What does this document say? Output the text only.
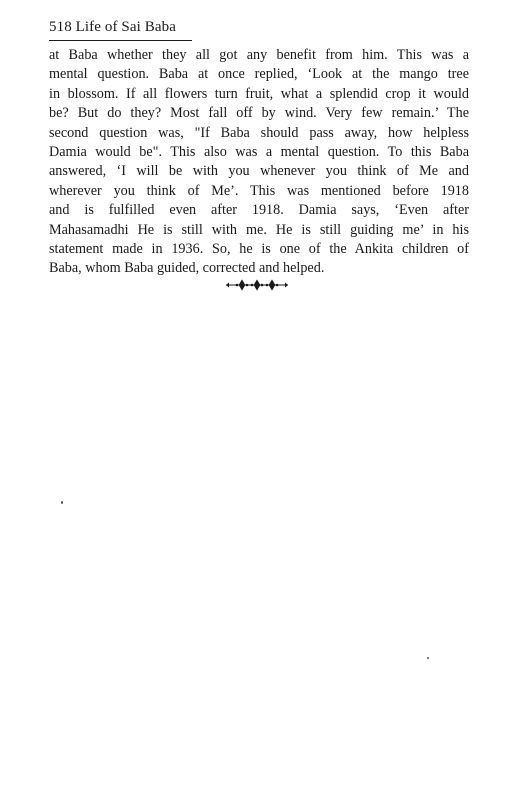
518 Life of Sai Baba
at Baba whether they all got any benefit from him. This was a
mental question. Baba at once replied, ‘Look at the mango tree
in blossom. If all flowers turn fruit, what a splendid crop it would
be? But do they? Most fall off by wind. Very few remain.’ The
second question was, "If Baba should pass away, how helpless
Damia would be". This also was a mental question. To this Baba
answered, ‘I will be with you whenever you think of Me and
wherever you think of Me’. This was mentioned before 1918
and is fulfilled even after 1918. Damia says, ‘Even after
Mahasamadhi He is still with me. He is still guiding me’ in his
statement made in 1936. So, he is one of the Ankita children of
Baba, whom Baba guided, corrected and helped.
